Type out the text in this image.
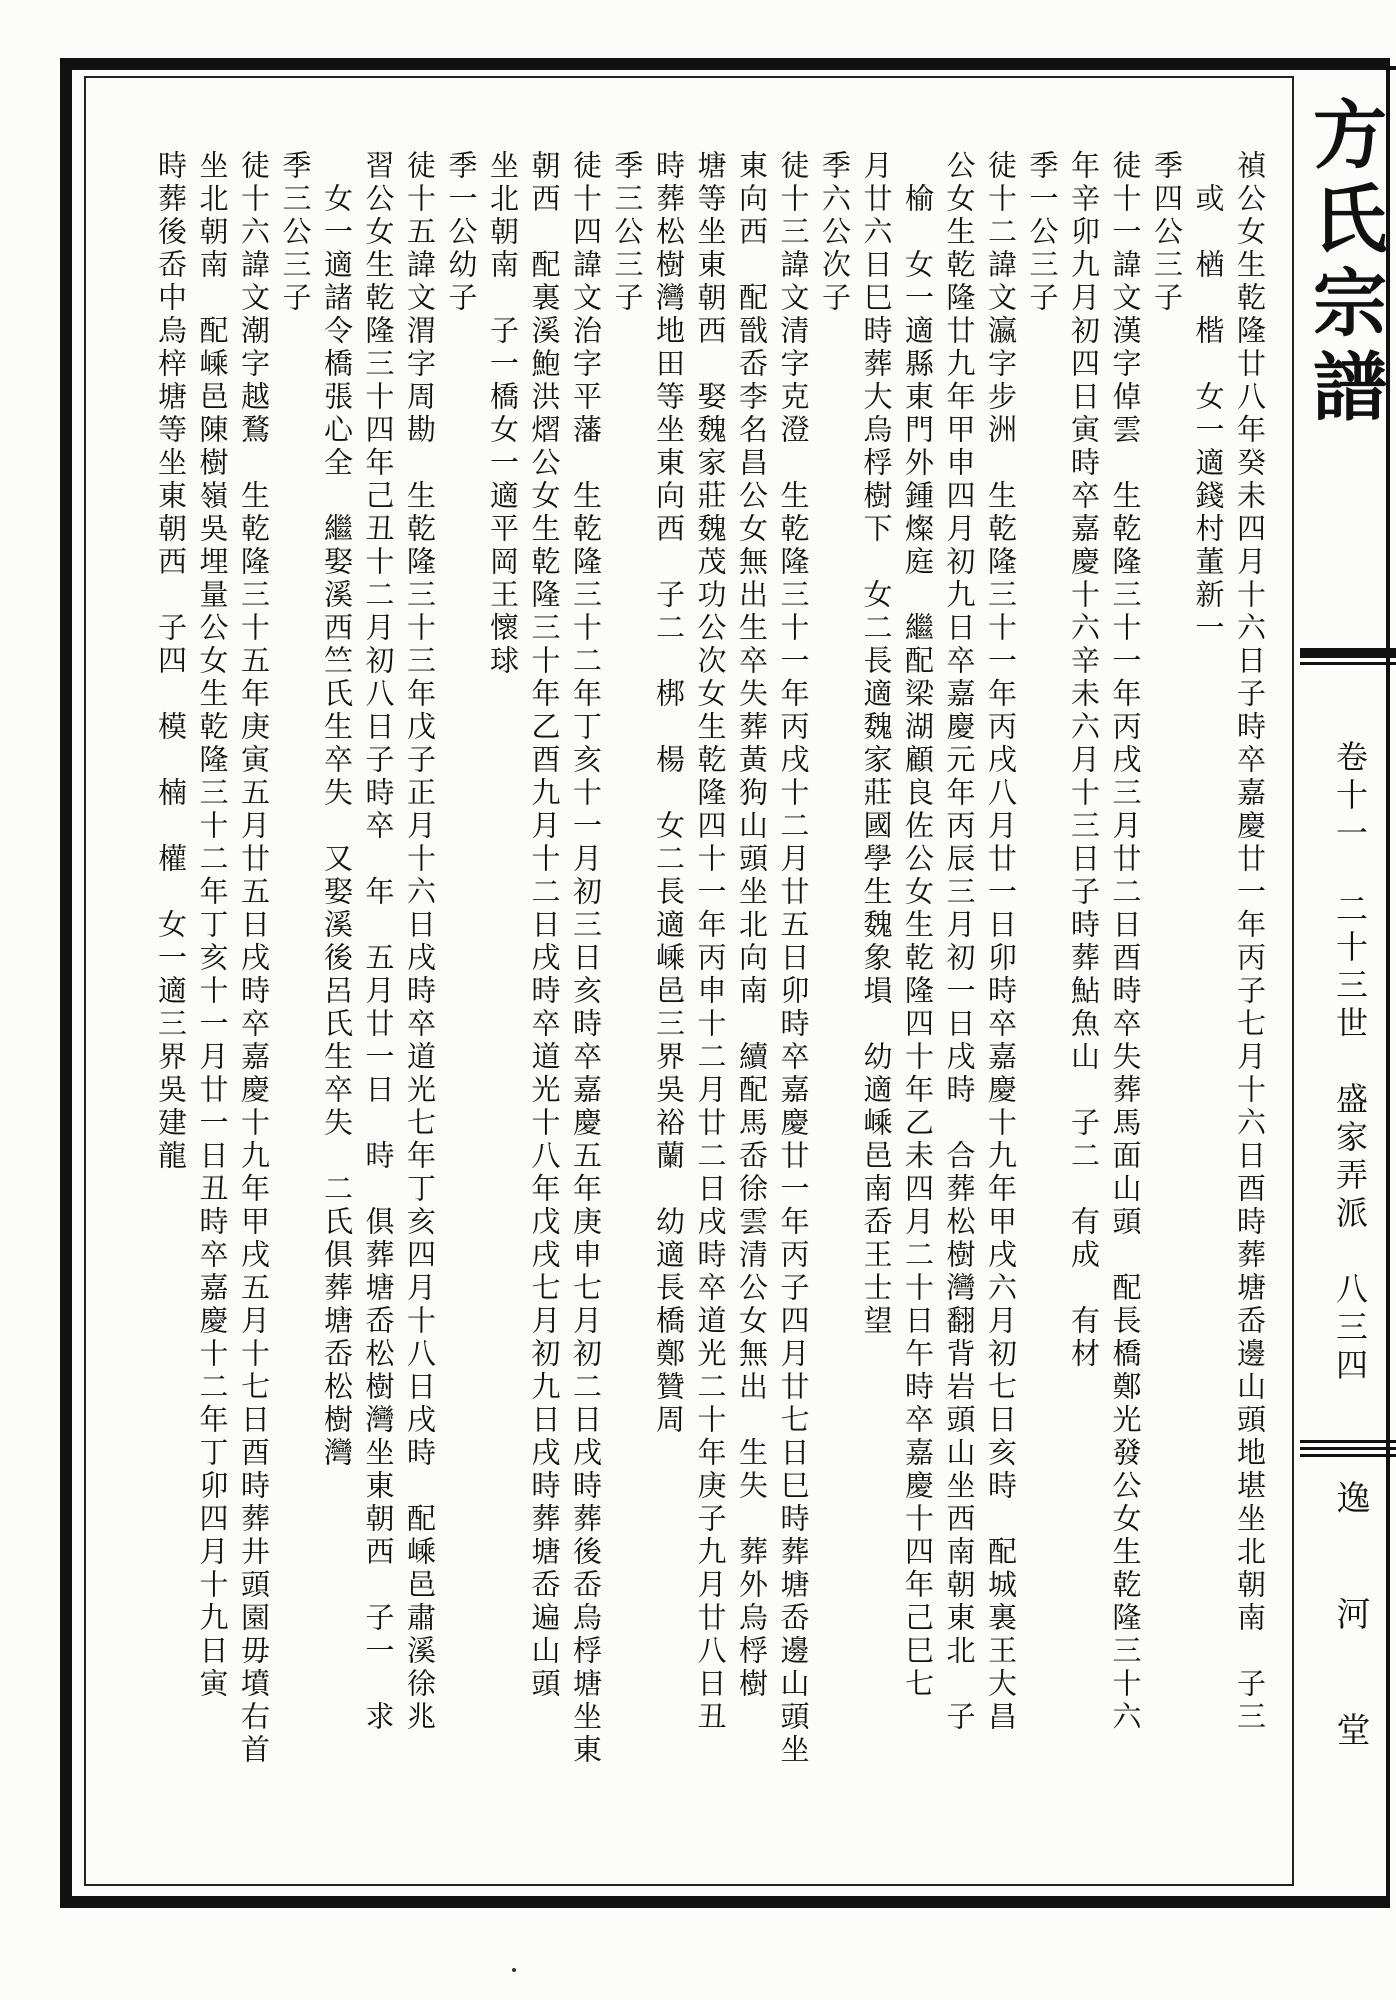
禎公女生乾隆廿八年癸未四月十六日子時卒嘉慶廿一年丙子七月十六日酉時葬塘岙邊山頭地堪坐北朝南　子三
　或　楢　楷　女一適錢村董新一
季四公三子
徒十一諱文漢字倬雲　生乾隆三十一年丙戌三月廿二日酉時卒失葬馬面山頭　配長橋鄭光發公女生乾隆三十六
年辛卯九月初四日寅時卒嘉慶十六辛未六月十三日子時葬鮎魚山　子二　有成　有材
季一公三子
徒十二諱文瀛字步洲　生乾隆三十一年丙戌八月廿一日卯時卒嘉慶十九年甲戌六月初七日亥時　配城裏王大昌
公女生乾隆廿九年甲申四月初九日卒嘉慶元年丙辰三月初一日戌時　合葬松樹灣翻背岩頭山坐西南朝東北　子
　榆　女一適縣東門外鍾燦庭　繼配梁湖顧良佐公女生乾隆四十年乙未四月二十日午時卒嘉慶十四年己巳七
月廿六日巳時葬大烏桴樹下　女二長適魏家莊國學生魏象塤　幼適嵊邑南岙王士望
季六公次子
徒十三諱文清字克澄　生乾隆三十一年丙戌十二月廿五日卯時卒嘉慶廿一年丙子四月廿七日巳時葬塘岙邊山頭坐
東向西　配戩岙李名昌公女無出生卒失葬黃狗山頭坐北向南　續配馬岙徐雲清公女無出　生失　葬外烏桴樹
塘等坐東朝西　娶魏家莊魏茂功公次女生乾隆四十一年丙申十二月廿二日戌時卒道光二十年庚子九月廿八日丑
時葬松樹灣地田等坐東向西　子二　梆　楊　女二長適嵊邑三界吳裕蘭　幼適長橋鄭贊周
季三公三子
徒十四諱文治字平藩　生乾隆三十二年丁亥十一月初三日亥時卒嘉慶五年庚申七月初二日戌時葬後岙烏桴塘坐東
朝西　配裏溪鮑洪熠公女生乾隆三十年乙酉九月十二日戌時卒道光十八年戊戌七月初九日戌時葬塘岙遍山頭
坐北朝南　子一橋女一適平岡王懷球
季一公幼子
徒十五諱文渭字周勘　生乾隆三十三年戊子正月十六日戌時卒道光七年丁亥四月十八日戌時　配嵊邑肅溪徐兆
習公女生乾隆三十四年己丑十二月初八日子時卒　年　五月廿一日　時　俱葬塘岙松樹灣坐東朝西　子一　求
　女一適諸令橋張心全　繼娶溪西竺氏生卒失　又娶溪後呂氏生卒失　二氏俱葬塘岙松樹灣
季三公三子
徒十六諱文潮字越鶩　生乾隆三十五年庚寅五月廿五日戌時卒嘉慶十九年甲戌五月十七日酉時葬井頭園毋墳右首
坐北朝南　配嵊邑陳樹嶺吳埋量公女生乾隆三十二年丁亥十一月廿一日丑時卒嘉慶十二年丁卯四月十九日寅
時葬後岙中烏梓塘等坐東朝西　子四　模　楠　權　女一適三界吳建龍	方氏宗譜
卷十一　二十三世　盛家弄派　八三四
逸河堂
